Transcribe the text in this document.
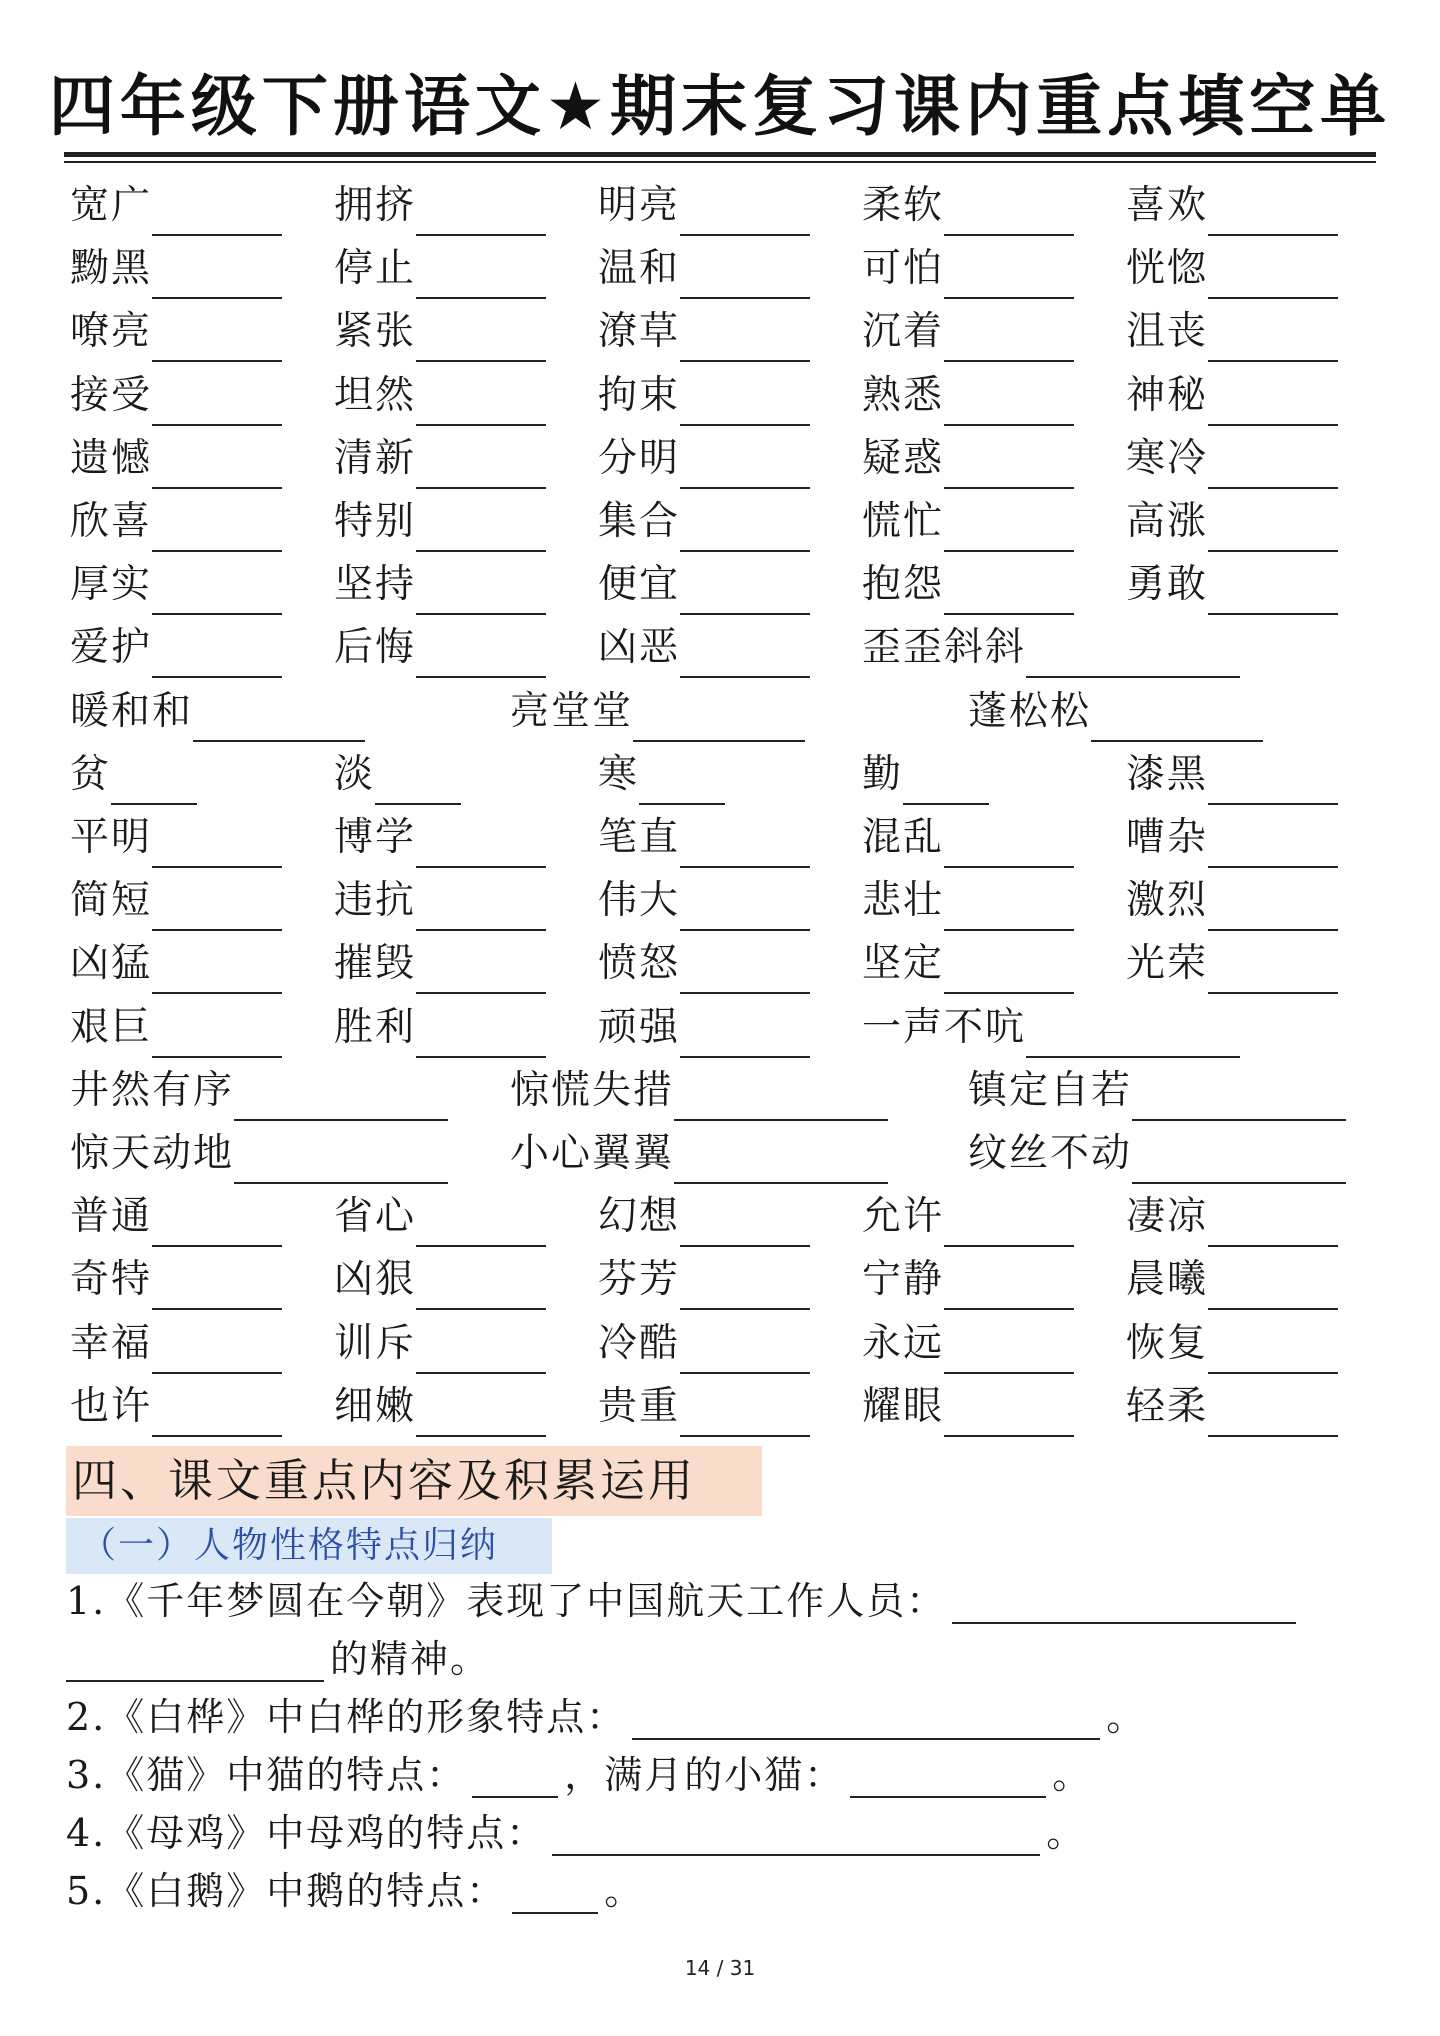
四年级下册语文★期末复习课内重点填空单
宽广	拥挤	明亮	柔软	喜欢
黝黑	停止	温和	可怕	恍惚
嘹亮	紧张	潦草	沉着	沮丧
接受	坦然	拘束	熟悉	神秘
遗憾	清新	分明	疑惑	寒冷
欣喜	特别	集合	慌忙	高涨
厚实	坚持	便宜	抱怨	勇敢
爱护	后悔	凶恶	歪歪斜斜
暖和和	亮堂堂	蓬松松
贫	淡	寒	勤	漆黑
平明	博学	笔直	混乱	嘈杂
简短	违抗	伟大	悲壮	激烈
凶猛	摧毁	愤怒	坚定	光荣
艰巨	胜利	顽强	一声不吭
井然有序	惊慌失措	镇定自若
惊天动地	小心翼翼	纹丝不动
普通	省心	幻想	允许	凄凉
奇特	凶狠	芬芳	宁静	晨曦
幸福	训斥	冷酷	永远	恢复
也许	细嫩	贵重	耀眼	轻柔
四、课文重点内容及积累运用
（一）人物性格特点归纳
1.《千年梦圆在今朝》表现了中国航天工作人员：
的精神。
2.《白桦》中白桦的形象特点：	。
3.《猫》中猫的特点：	，满月的小猫：	。
4.《母鸡》中母鸡的特点：	。
5.《白鹅》中鹅的特点：	。
14 / 31
